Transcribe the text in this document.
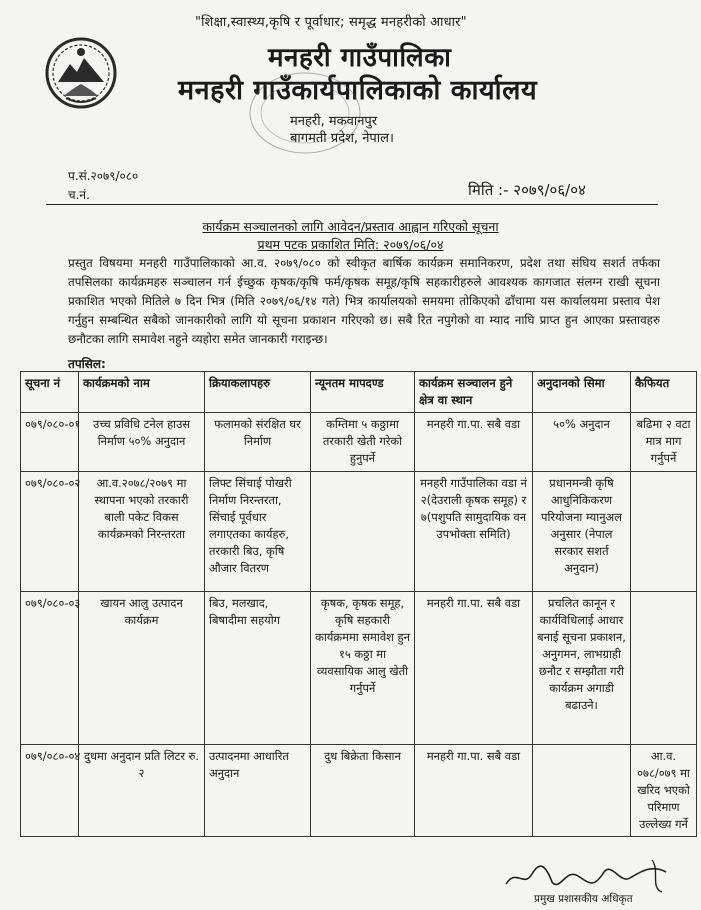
"शिक्षा,स्वास्थ्य,कृषि र पूर्वाधार; समृद्ध मनहरीको आधार"
मनहरी गाउँपालिका
मनहरी गाउँकार्यपालिकाको कार्यालय
मनहरी, मकवानपुर
बागमती प्रदेश, नेपाल।
प.सं.२०७९/०८०
च.नं.	मिति :- २०७९/०६/०४
कार्यक्रम सञ्चालनको लागि आवेदन/प्रस्ताव आह्वान गरिएको सूचना
प्रथम पटक प्रकाशित मिति: २०७९/०६/०४
प्रस्तुत विषयमा मनहरी गाउँपालिकाको आ.व. २०७९/०८० को स्वीकृत बार्षिक कार्यक्रम समानिकरण, प्रदेश तथा संघिय सशर्त तर्फका तपसिलका कार्यक्रमहरु सञ्चालन गर्न ईच्छुक कृषक/कृषि फर्म/कृषक समूह/कृषि सहकारीहरुले आवश्यक कागजात संलग्न राखी सूचना प्रकाशित भएको मितिले ७ दिन भित्र (मिति २०७९/०६/१४ गते) भित्र कार्यालयको समयमा तोकिएको ढाँचामा यस कार्यालयमा प्रस्ताव पेश गर्नुहुन सम्बन्धित सबैको जानकारीको लागि यो सूचना प्रकाशन गरिएको छ। सबै रित नपुगेको वा म्याद नाघि प्राप्त हुन आएका प्रस्तावहरु छनौटका लागि समावेश नहुने व्यहोरा समेत जानकारी गराइन्छ।
तपसिल:
सूचना नं	कार्यक्रमको नाम	क्रियाकलापहरु	न्यूनतम मापदण्ड	कार्यक्रम सञ्चालन हुने क्षेत्र वा स्थान	अनुदानको सिमा	कैफियत
०७९/०८०-०१	उच्च प्रविधि टनेल हाउस निर्माण ५०% अनुदान	फलामको संरक्षित घर निर्माण	कम्तिमा ५ कठ्ठामा तरकारी खेती गरेको हुनुपर्ने	मनहरी गा.पा. सबै वडा	५०% अनुदान	बढिमा २ वटा मात्र माग गर्नुपर्ने
०७९/०८०-०२	आ.व.२०७८/२०७९ मा स्थापना भएको तरकारी बाली पकेट विकस कार्यक्रमको निरन्तरता	लिफ्ट सिंचाई पोखरी निर्माण निरन्तरता, सिंचाई पूर्वधार लगाएतका कार्यहरु, तरकारी बिउ, कृषि औजार वितरण		मनहरी गाउँपालिका वडा नं २(देउराली कृषक समूह) र ७(पशुपति सामुदायिक वन उपभोक्ता समिति)	प्रधानमन्त्री कृषि आधुनिकिकरण परियोजना म्यानुअल अनुसार (नेपाल सरकार सशर्त अनुदान)	
०७९/०८०-०३	खायन आलु उत्पादन कार्यक्रम	बिउ, मलखाद, बिषादीमा सहयोग	कृषक, कृषक समूह, कृषि सहकारी कार्यक्रममा समावेश हुन १५ कठ्ठा मा व्यवसायिक आलु खेती गर्नुपर्ने	मनहरी गा.पा. सबै वडा	प्रचलित कानून र कार्यविधिलाई आधार बनाई सूचना प्रकाशन, अनुगमन, लाभग्राही छनौट र सम्झौता गरी कार्यक्रम अगाडी बढाउने।	
०७९/०८०-०४	दुधमा अनुदान प्रति लिटर रु. २	उत्पादनमा आधारित अनुदान	दुध बिक्रेता किसान	मनहरी गा.पा. सबै वडा		आ.व. ०७८/०७९ मा खरिद भएको परिमाण उल्लेख्य गर्ने
प्रमुख प्रशासकीय अधिकृत
